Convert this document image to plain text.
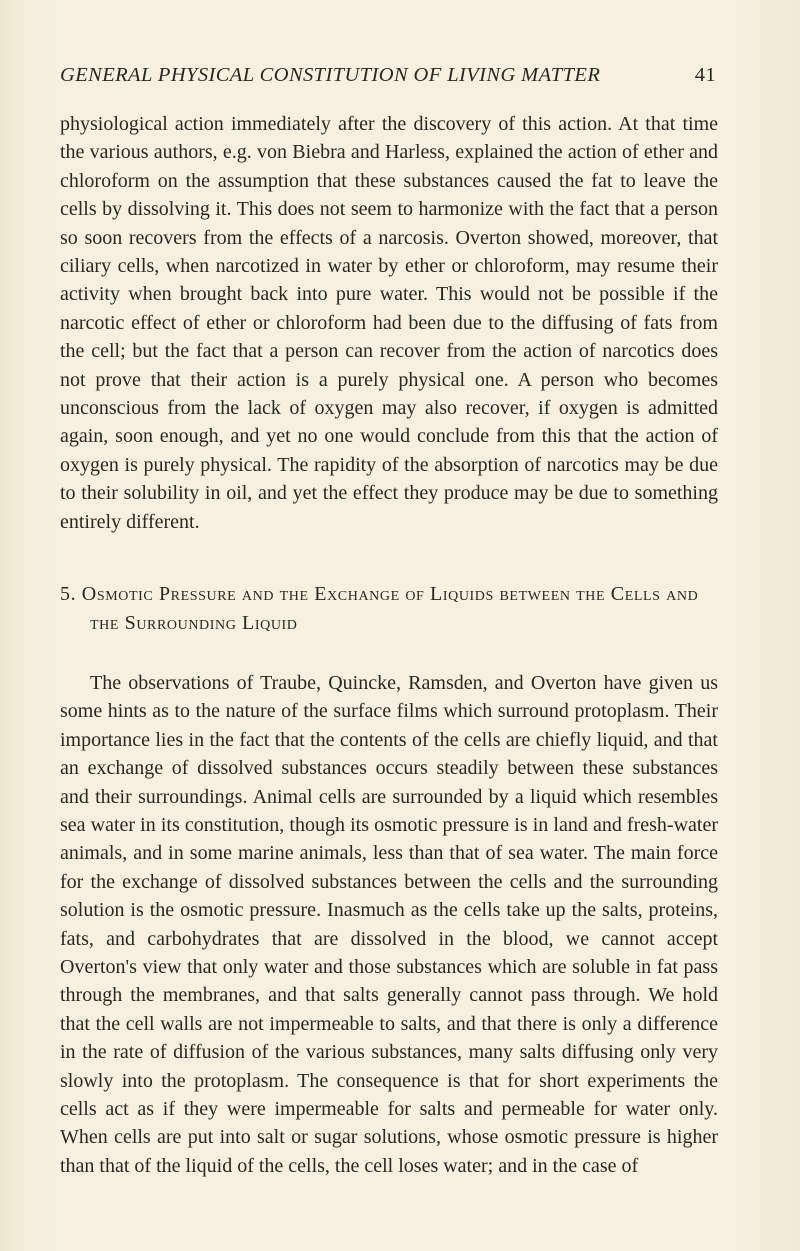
GENERAL PHYSICAL CONSTITUTION OF LIVING MATTER	41

physiological action immediately after the discovery of this action. At that time the various authors, e.g. von Biebra and Harless, explained the action of ether and chloroform on the assumption that these substances caused the fat to leave the cells by dissolving it. This does not seem to harmonize with the fact that a person so soon recovers from the effects of a narcosis. Overton showed, moreover, that ciliary cells, when narcotized in water by ether or chloroform, may resume their activity when brought back into pure water. This would not be possible if the narcotic effect of ether or chloroform had been due to the diffusing of fats from the cell; but the fact that a person can recover from the action of narcotics does not prove that their action is a purely physical one. A person who becomes unconscious from the lack of oxygen may also recover, if oxygen is admitted again, soon enough, and yet no one would conclude from this that the action of oxygen is purely physical. The rapidity of the absorption of narcotics may be due to their solubility in oil, and yet the effect they produce may be due to something entirely different.

5. Osmotic Pressure and the Exchange of Liquids between the Cells and the Surrounding Liquid

The observations of Traube, Quincke, Ramsden, and Overton have given us some hints as to the nature of the surface films which surround protoplasm. Their importance lies in the fact that the contents of the cells are chiefly liquid, and that an exchange of dissolved substances occurs steadily between these substances and their surroundings. Animal cells are surrounded by a liquid which resembles sea water in its constitution, though its osmotic pressure is in land and fresh-water animals, and in some marine animals, less than that of sea water. The main force for the exchange of dissolved substances between the cells and the surrounding solution is the osmotic pressure. Inasmuch as the cells take up the salts, proteins, fats, and carbohydrates that are dissolved in the blood, we cannot accept Overton's view that only water and those substances which are soluble in fat pass through the membranes, and that salts generally cannot pass through. We hold that the cell walls are not impermeable to salts, and that there is only a difference in the rate of diffusion of the various substances, many salts diffusing only very slowly into the protoplasm. The consequence is that for short experiments the cells act as if they were impermeable for salts and permeable for water only. When cells are put into salt or sugar solutions, whose osmotic pressure is higher than that of the liquid of the cells, the cell loses water; and in the case of
